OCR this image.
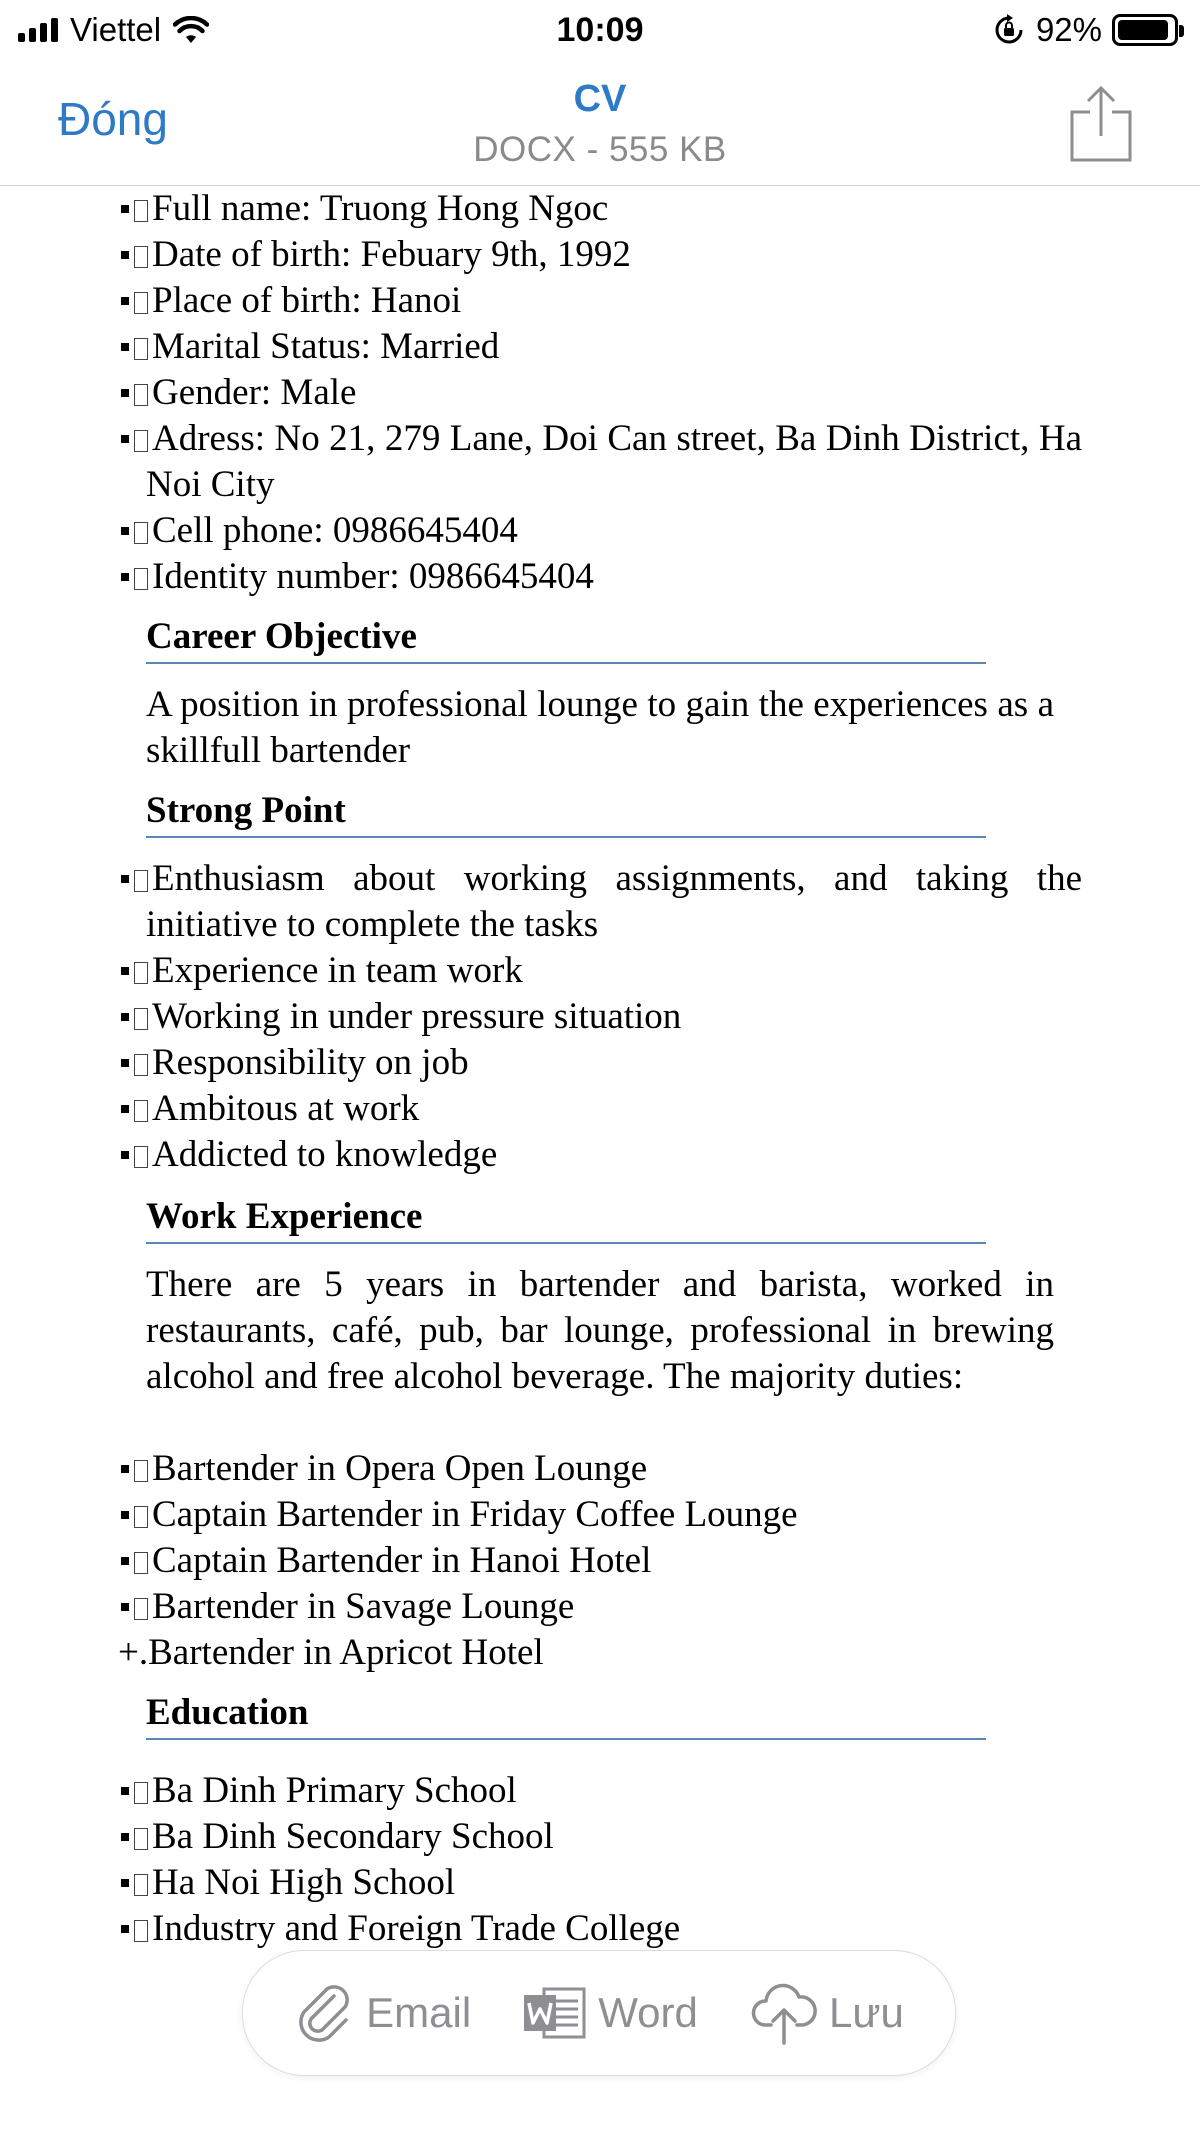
Viettel	10:09	92%
Đóng	CV
DOCX - 555 KB
Full name: Truong Hong Ngoc
Date of birth: Febuary 9th, 1992
Place of birth: Hanoi
Marital Status: Married
Gender: Male
Adress: No 21, 279 Lane, Doi Can street, Ba Dinh District, Ha Noi City
Cell phone: 0986645404
Identity number: 0986645404
Career Objective
A position in professional lounge to gain the experiences as a skillfull bartender
Strong Point
Enthusiasm about working assignments, and taking the initiative to complete the tasks
Experience in team work
Working in under pressure situation
Responsibility on job
Ambitous at work
Addicted to knowledge
Work Experience
There are 5 years in bartender and barista, worked in restaurants, café, pub, bar lounge, professional in brewing alcohol and free alcohol beverage. The majority duties:
Bartender in Opera Open Lounge
Captain Bartender in Friday Coffee Lounge
Captain Bartender in Hanoi Hotel
Bartender in Savage Lounge
+.Bartender in Apricot Hotel
Education
Ba Dinh Primary School
Ba Dinh Secondary School
Ha Noi High School
Industry and Foreign Trade College
Email	Word	Lưu
